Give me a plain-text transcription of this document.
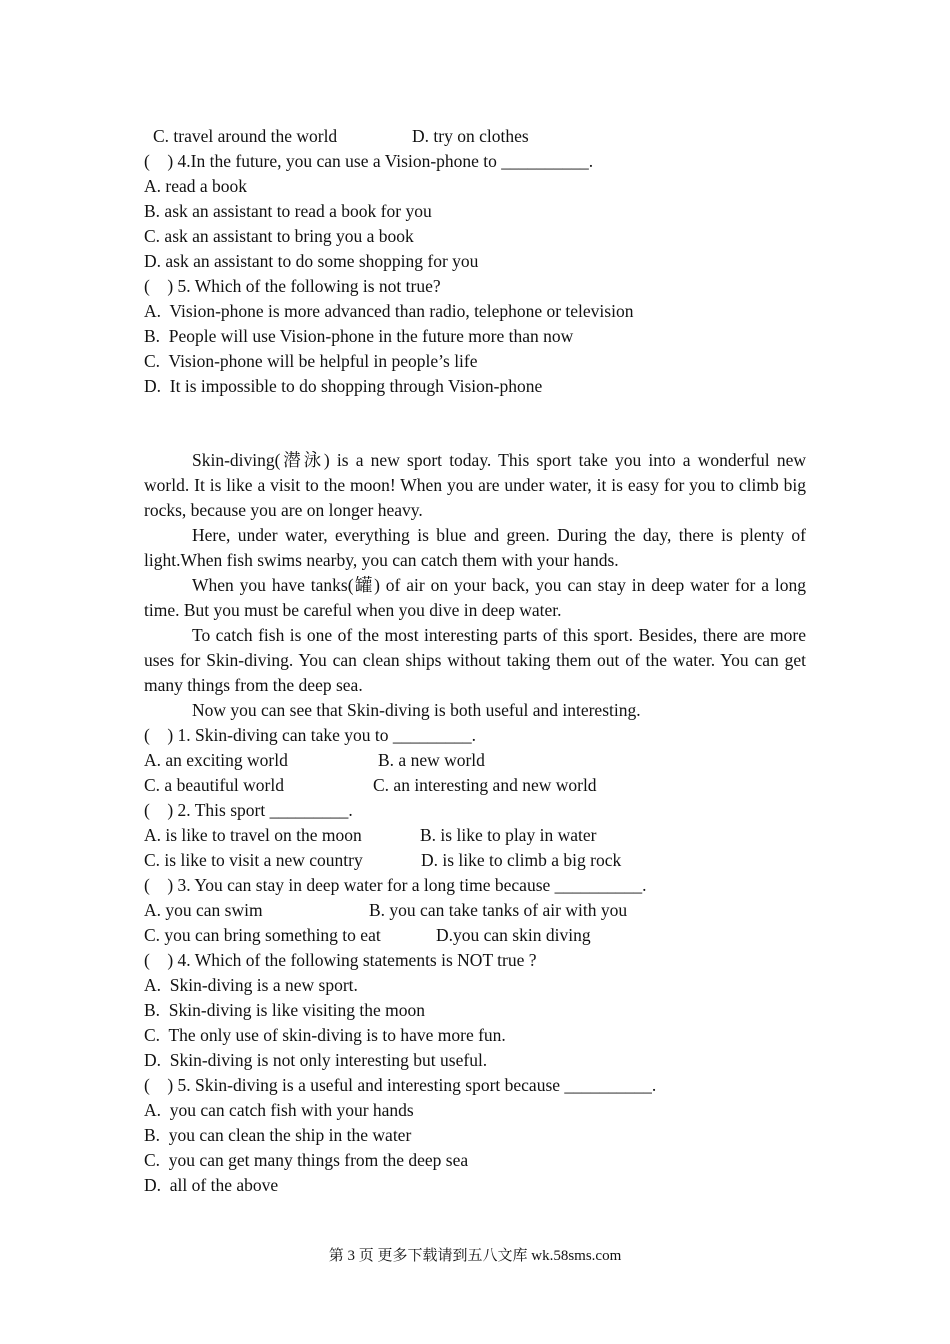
C. travel around the world	D. try on clothes
(    ) 4.In the future, you can use a Vision-phone to __________.
A. read a book
B. ask an assistant to read a book for you
C. ask an assistant to bring you a book
D. ask an assistant to do some shopping for you
(    ) 5. Which of the following is not true?
A.  Vision-phone is more advanced than radio, telephone or television
B.  People will use Vision-phone in the future more than now
C.  Vision-phone will be helpful in people’s life
D.  It is impossible to do shopping through Vision-phone
Skin-diving(潜泳) is a new sport today. This sport take you into a wonderful new world. It is like a visit to the moon! When you are under water, it is easy for you to climb big rocks, because you are on longer heavy.
Here, under water, everything is blue and green. During the day, there is plenty of light.When fish swims nearby, you can catch them with your hands.
When you have tanks(罐) of air on your back, you can stay in deep water for a long time. But you must be careful when you dive in deep water.
To catch fish is one of the most interesting parts of this sport. Besides, there are more uses for Skin-diving. You can clean ships without taking them out of the water. You can get many things from the deep sea.
Now you can see that Skin-diving is both useful and interesting.
(    ) 1. Skin-diving can take you to _________.
A. an exciting world	B. a new world
C. a beautiful world	C. an interesting and new world
(    ) 2. This sport _________.
A. is like to travel on the moon	B. is like to play in water
C. is like to visit a new country	D. is like to climb a big rock
(    ) 3. You can stay in deep water for a long time because __________.
A. you can swim	B. you can take tanks of air with you
C. you can bring something to eat	D.you can skin diving
(    ) 4. Which of the following statements is NOT true ?
A.  Skin-diving is a new sport.
B.  Skin-diving is like visiting the moon
C.  The only use of skin-diving is to have more fun.
D.  Skin-diving is not only interesting but useful.
(    ) 5. Skin-diving is a useful and interesting sport because __________.
A.  you can catch fish with your hands
B.  you can clean the ship in the water
C.  you can get many things from the deep sea
D.  all of the above
第 3 页 更多下载请到五八文库 wk.58sms.com
